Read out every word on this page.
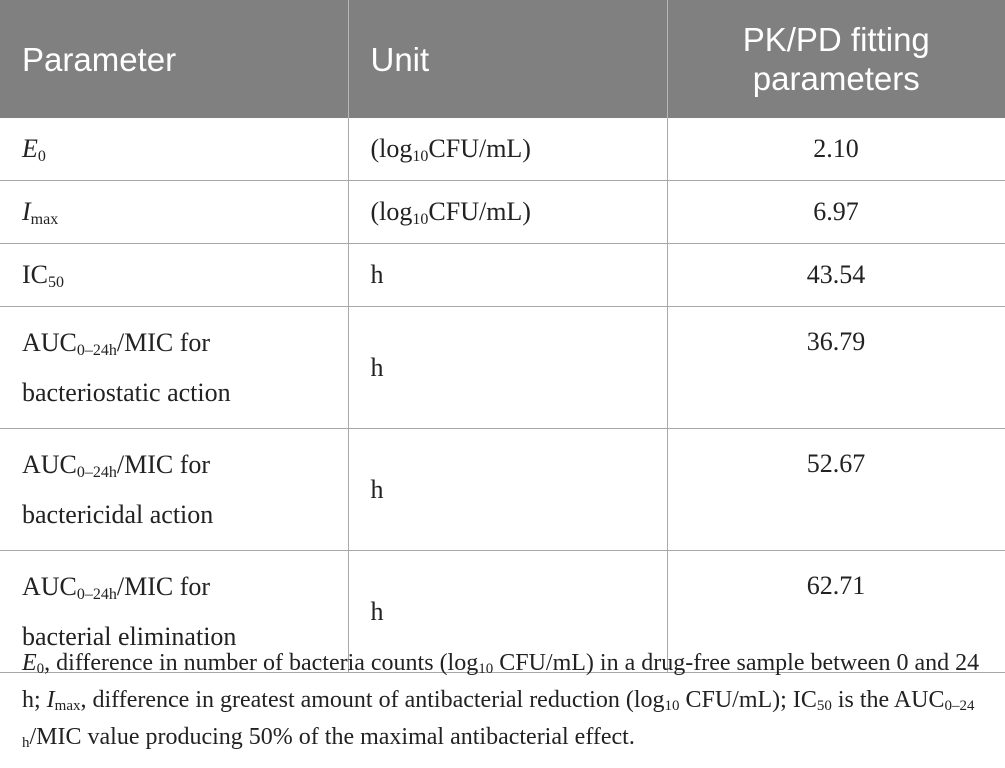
Parameter	Unit	PK/PD fitting
parameters
$E_0$	$(\log_{10}CFU/mL)$	2.10
$I_{max}$	$(\log_{10}CFU/mL)$	6.97
$IC_{50}$	h	43.54
$AUC_{0-24h}$/MIC for
bacteriostatic action	h	36.79
$AUC_{0-24h}$/MIC for
bactericidal action	h	52.67
$AUC_{0-24h}$/MIC for
bacterial elimination	h	62.71
$E_0$, difference in number of bacteria counts ($\log_{10}$ CFU/mL) in a drug-free sample between 0 and 24 h; $I_{max}$, difference in greatest amount of antibacterial reduction ($\log_{10}$ CFU/mL); $IC_{50}$ is the $AUC_{0-24 h}$/MIC value producing 50% of the maximal antibacterial effect.
